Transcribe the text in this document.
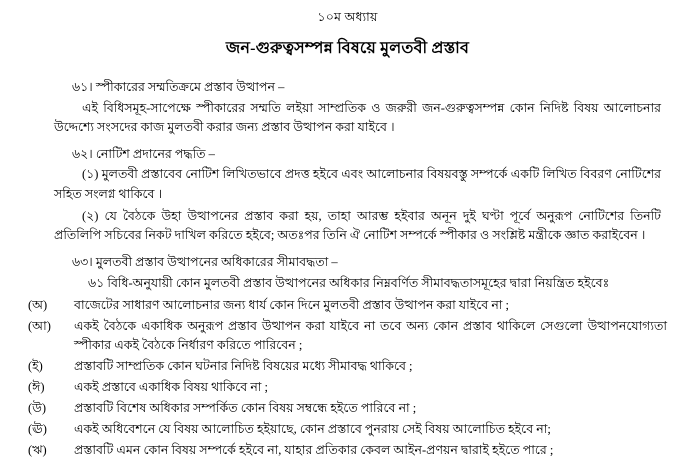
১০ম অধ্যায়
জন-গুরুত্বসম্পন্ন বিষয়ে মুলতবী প্রস্তাব
৬১। স্পীকারের সম্মতিক্রমে প্রস্তাব উত্থাপন –
এই বিধিসমূহ-সাপেক্ষে স্পীকারের সম্মতি লইয়া সাম্প্রতিক ও জরুরী জন-গুরুত্বসম্পন্ন কোন নিদিষ্ট বিষয় আলোচনার উদ্দেশ্যে সংসদের কাজ মুলতবী করার জন্য প্রস্তাব উত্থাপন করা যাইবে ।
৬২। নোটিশ প্রদানের পদ্ধতি –
(১) মুলতবী প্রস্তাবেব নোটিশ লিখিতভাবে প্রদত্ত হইবে এবং আলোচনার বিষয়বস্তু সম্পর্কে একটি লিখিত বিবরণ নোটিশের সহিত সংলগ্ন থাকিবে ।
(২) যে বৈঠকে উহা উত্থাপনের প্রস্তাব করা হয়, তাহা আরম্ভ হইবার অনূন দুই ঘণ্টা পূর্বে অনুরূপ নোটিশের তিনটি প্রতিলিপি সচিবের নিকট দাখিল করিতে হইবে; অতঃপর তিনি ঐ নোটিশ সম্পর্কে স্পীকার ও সংশ্লিষ্ট মন্ত্রীকে জ্ঞাত করাইবেন ।
৬৩। মুলতবী প্রস্তাব উত্থাপনের অধিকারের সীমাবদ্ধতা –
৬১ বিধি-অনুযায়ী কোন মুলতবী প্রস্তাব উত্থাপনের অধিকার নিম্নবর্ণিত সীমাবদ্ধতাসমূহের দ্বারা নিয়ন্ত্রিত হইবেঃ
(অ)	বাজেটের সাধারণ আলোচনার জন্য ধার্য কোন দিনে মুলতবী প্রস্তাব উত্থাপন করা যাইবে না ;
(আ)	একই বৈঠকে একাধিক অনুরূপ প্রস্তাব উত্থাপন করা যাইবে না তবে অন্য কোন প্রস্তাব থাকিলে সেগুলো উত্থাপনযোগ্যতা স্পীকার একই বৈঠকে নির্ধারণ করিতে পারিবেন ;
(ই)	প্রস্তাবটি সাম্প্রতিক কোন ঘটনার নিদিষ্ট বিষয়ের মধ্যে সীমাবদ্ধ থাকিবে ;
(ঈ)	একই প্রস্তাবে একাধিক বিষয় থাকিবে না ;
(উ)	প্রস্তাবটি বিশেষ অধিকার সম্পর্কিত কোন বিষয় সম্বন্ধে হইতে পারিবে না ;
(ঊ)	একই অধিবেশনে যে বিষয় আলোচিত হইয়াছে, কোন প্রস্তাবে পুনরায় সেই বিষয় আলোচিত হইবে না;
(ঋ)	প্রস্তাবটি এমন কোন বিষয় সম্পর্কে হইবে না, যাহার প্রতিকার কেবল আইন-প্রণয়ন দ্বারাই হইতে পারে ;
